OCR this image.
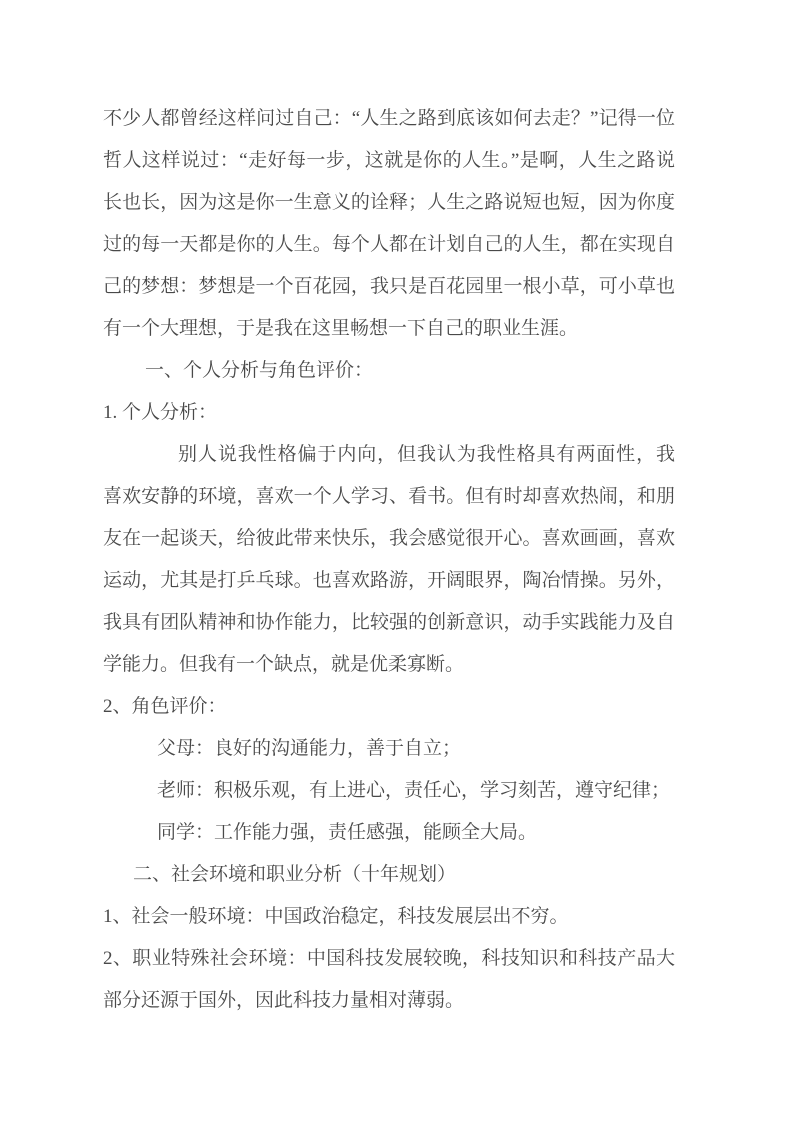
不少人都曾经这样问过自己：“人生之路到底该如何去走？”记得一位
哲人这样说过：“走好每一步，这就是你的人生。”是啊，人生之路说
长也长，因为这是你一生意义的诠释；人生之路说短也短，因为你度
过的每一天都是你的人生。每个人都在计划自己的人生，都在实现自
己的梦想：梦想是一个百花园，我只是百花园里一根小草，可小草也
有一个大理想，于是我在这里畅想一下自己的职业生涯。
一、个人分析与角色评价：
1. 个人分析：
别人说我性格偏于内向，但我认为我性格具有两面性，我
喜欢安静的环境，喜欢一个人学习、看书。但有时却喜欢热闹，和朋
友在一起谈天，给彼此带来快乐，我会感觉很开心。喜欢画画，喜欢
运动，尤其是打乒乓球。也喜欢路游，开阔眼界，陶冶情操。另外，
我具有团队精神和协作能力，比较强的创新意识，动手实践能力及自
学能力。但我有一个缺点，就是优柔寡断。
2、角色评价：
父母：良好的沟通能力，善于自立；
老师：积极乐观，有上进心，责任心，学习刻苦，遵守纪律；
同学：工作能力强，责任感强，能顾全大局。
二、社会环境和职业分析（十年规划）
1、社会一般环境：中国政治稳定，科技发展层出不穷。
2、职业特殊社会环境：中国科技发展较晚，科技知识和科技产品大
部分还源于国外，因此科技力量相对薄弱。
